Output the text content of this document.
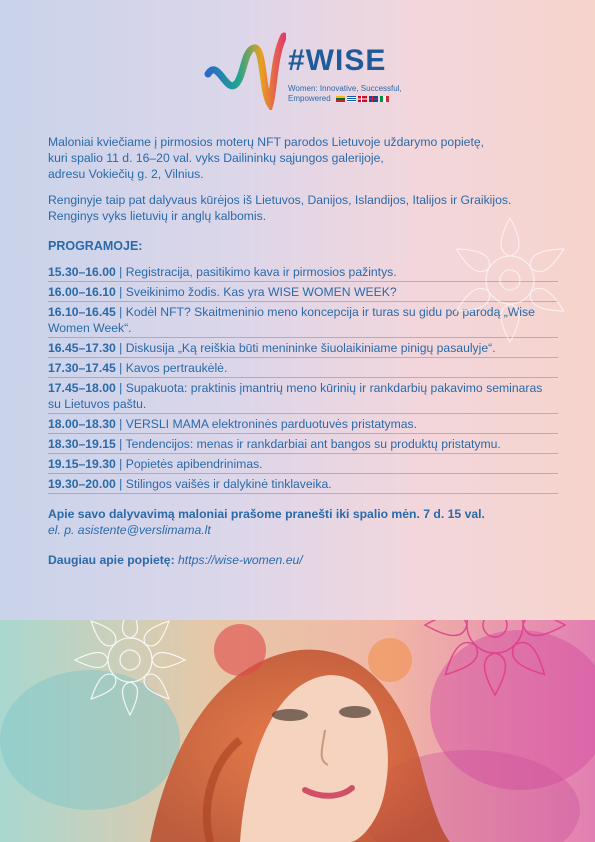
#WISE
Women: Innovative, Successful,
Empowered

Maloniai kviečiame į pirmosios moterų NFT parodos Lietuvoje uždarymo popietę,
kuri spalio 11 d. 16–20 val. vyks Dailininkų sąjungos galerijoje,
adresu Vokiečių g. 2, Vilnius.

Renginyje taip pat dalyvaus kūrėjos iš Lietuvos, Danijos, Islandijos, Italijos ir Graikijos.
Renginys vyks lietuvių ir anglų kalbomis.

PROGRAMOJE:

15.30–16.00 | Registracija, pasitikimo kava ir pirmosios pažintys.
16.00–16.10 | Sveikinimo žodis. Kas yra WISE WOMEN WEEK?
16.10–16.45 | Kodėl NFT? Skaitmeninio meno koncepcija ir turas su gidu po parodą „Wise Women Week“.
16.45–17.30 | Diskusija „Ką reiškia būti menininke šiuolaikiniame pinigų pasaulyje“.
17.30–17.45 | Kavos pertraukėlė.
17.45–18.00 | Supakuota: praktinis įmantrių meno kūrinių ir rankdarbių pakavimo seminaras su Lietuvos paštu.
18.00–18.30 | VERSLI MAMA elektroninės parduotuvės pristatymas.
18.30–19.15 | Tendencijos: menas ir rankdarbiai ant bangos su produktų pristatymu.
19.15–19.30 | Popietės apibendrinimas.
19.30–20.00 | Stilingos vaišės ir dalykinė tinklaveika.

Apie savo dalyvavimą maloniai prašome pranešti iki spalio mėn. 7 d. 15 val.

el. p. asistente@verslimama.lt

Daugiau apie popietę: https://wise-women.eu/
